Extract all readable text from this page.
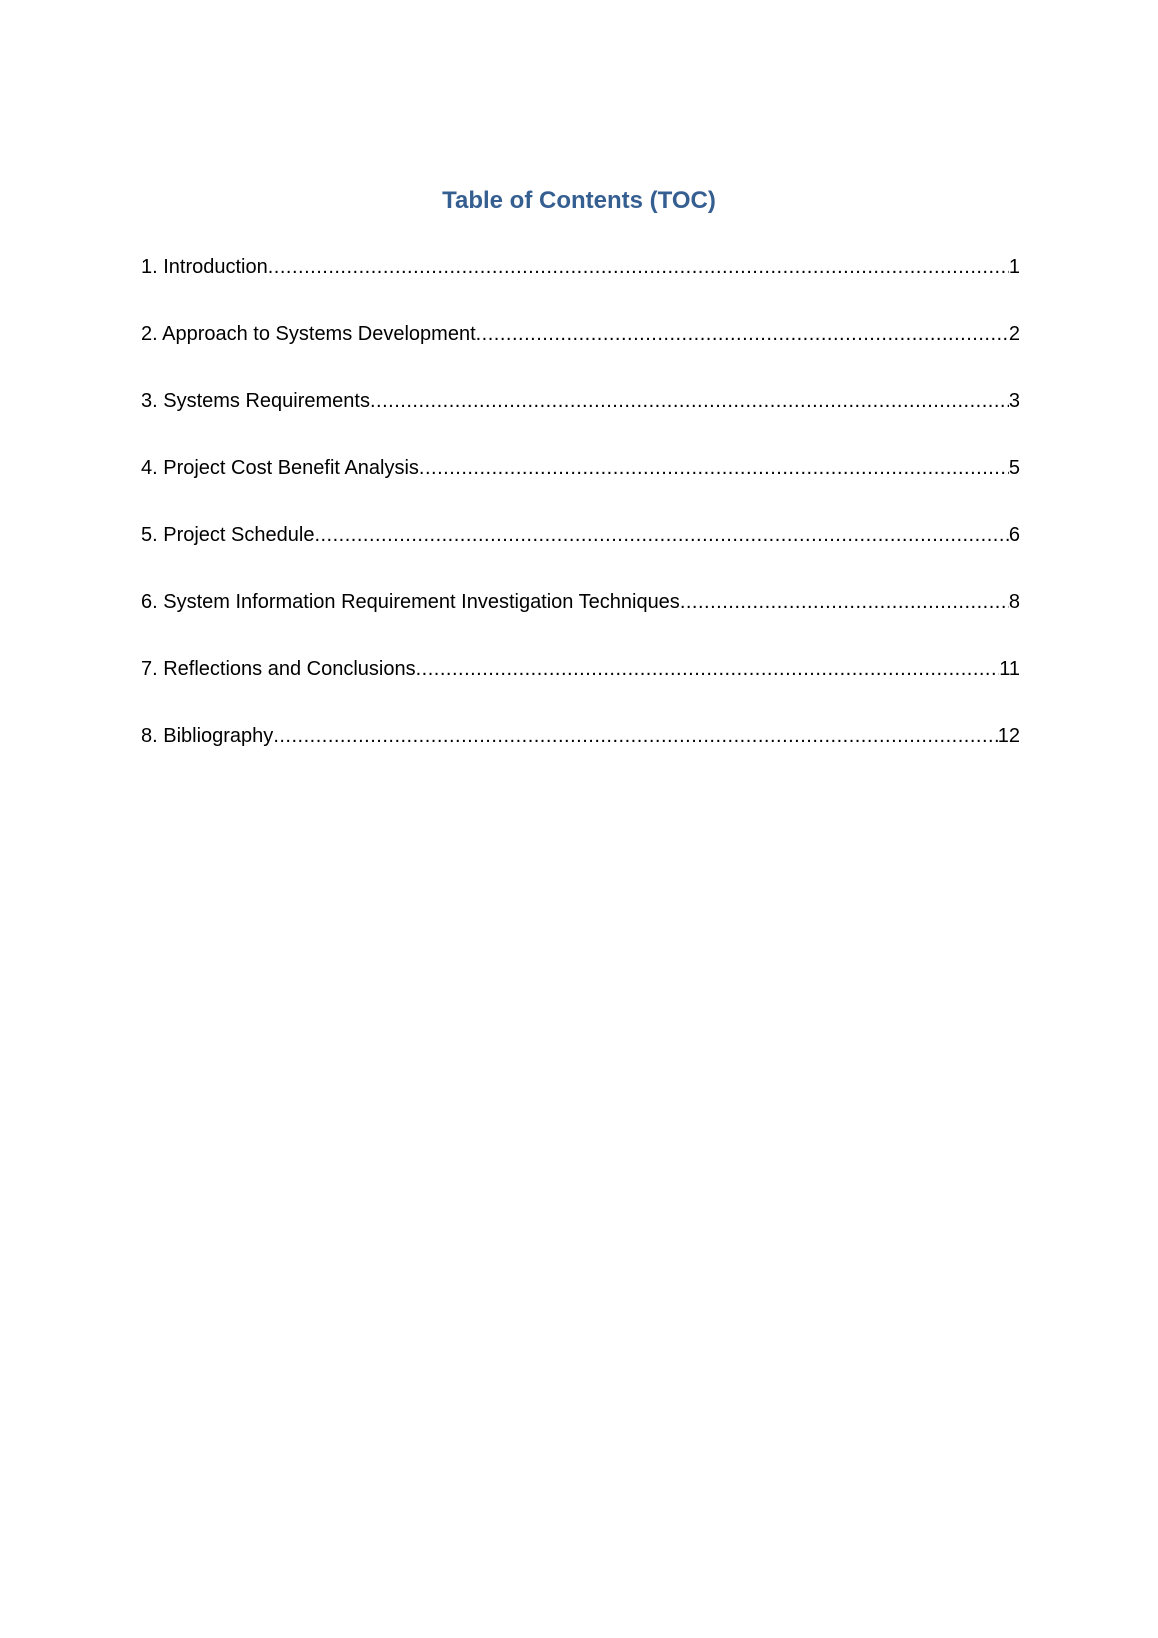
Table of Contents (TOC)
1. Introduction .....	1
2. Approach to Systems Development .....	2
3. Systems Requirements .....	3
4. Project Cost Benefit Analysis .....	5
5. Project Schedule .....	6
6. System Information Requirement Investigation Techniques .....	8
7. Reflections and Conclusions .....	11
8. Bibliography .....	12
